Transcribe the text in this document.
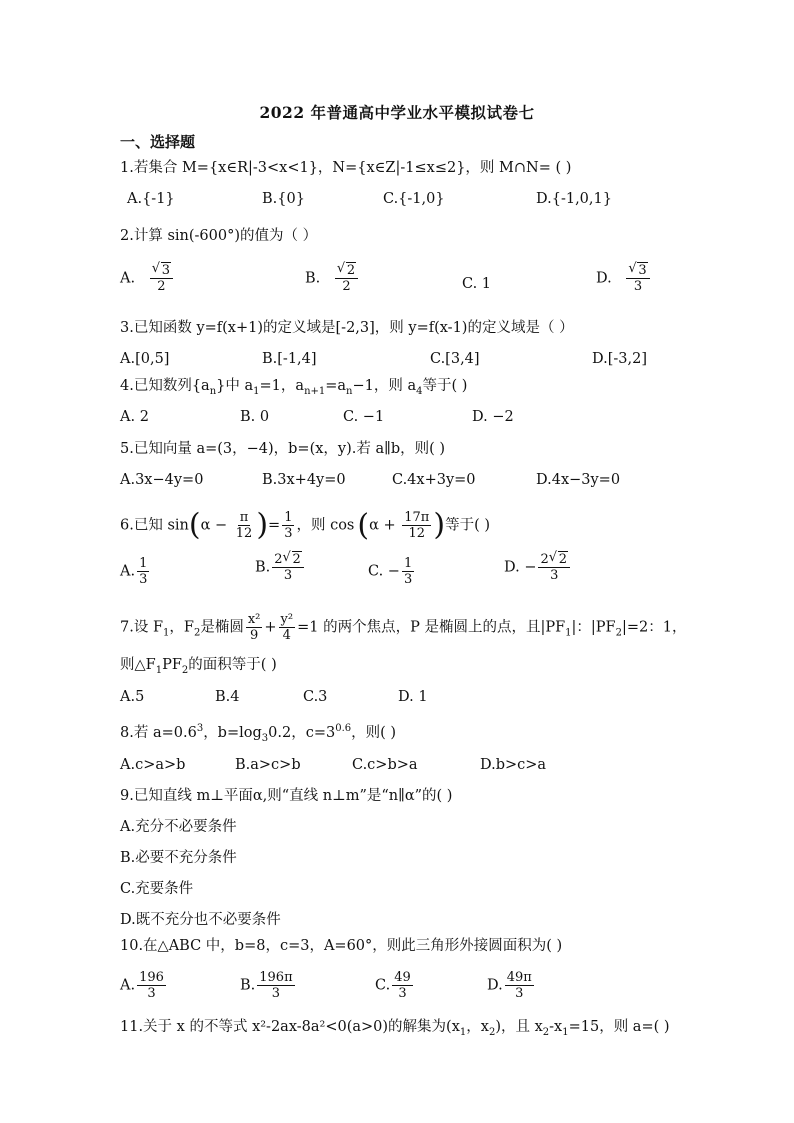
2022 年普通高中学业水平模拟试卷七
一、选择题
1.若集合 M={x∈R|-3<x<1}，N={x∈Z|-1≤x≤2}，则 M∩N= ( )
A.{-1}	B.{0}	C.{-1,0}	D.{-1,0,1}
2.计算 sin(-600°)的值为（ ）
A. $\frac{√ 3}{2}$	B. $\frac{√ 2}{2}$	C. 1	D. $\frac{√ 3}{3}$
3.已知函数 y=f(x+1)的定义域是[-2,3]，则 y=f(x-1)的定义域是（ ）
A.[0,5]	B.[-1,4]	C.[3,4]	D.[-3,2]
4.已知数列$\{a_n\}$中 $a_1=1$，$a_{n+1}=a_n-1$，则 $a_4$等于( )
A. 2	B. 0	C. −1	D. −2
5.已知向量 a=(3，−4)，b=(x，y).若 a∥b，则( )
A.3x−4y=0	B.3x+4y=0	C.4x+3y=0	D.4x−3y=0
6.已知 $\sin(\alpha - \frac{\pi}{12}$ )= $\frac{1}{3}$ ，则 $\cos (\alpha + \frac{17\pi}{12}$ )等于( )
A. $\frac{1}{3}$	B. $\frac{2 √ 2}{3}$	C. − $\frac{1}{3}$	D. − $\frac{2 √ 2}{3}$
7.设 $F_1$，$F_2$是椭圆 $\frac{\text{x²}}{9} + \frac{\text{y²}}{4} =1$ 的两个焦点，P 是椭圆上的点，且$|PF_1|$：$|PF_2|=2$：1，
则$\triangle F_1PF_2$的面积等于( )
A.5	B.4	C.3	D. 1
8.若 $a=0.6^3$，$b=\log_30.2$，$c=3^{0.6}$，则( )
A.c>a>b	B.a>c>b	C.c>b>a	D.b>c>a
9.已知直线 m⊥平面α,则“直线 n⊥m”是“n∥α”的( )
A.充分不必要条件
B.必要不充分条件
C.充要条件
D.既不充分也不必要条件
10.在△ABC 中，b=8，c=3，A=60°，则此三角形外接圆面积为( )
A. $\frac{196}{3}$	B. $\frac{196\pi}{3}$	C. $\frac{49}{3}$	D. $\frac{49\pi}{3}$
11.关于 x 的不等式 x²-2ax-8a²<0(a>0)的解集为($x_1$，$x_2$)，且 $x_2-x_1=15$，则 a=( )
